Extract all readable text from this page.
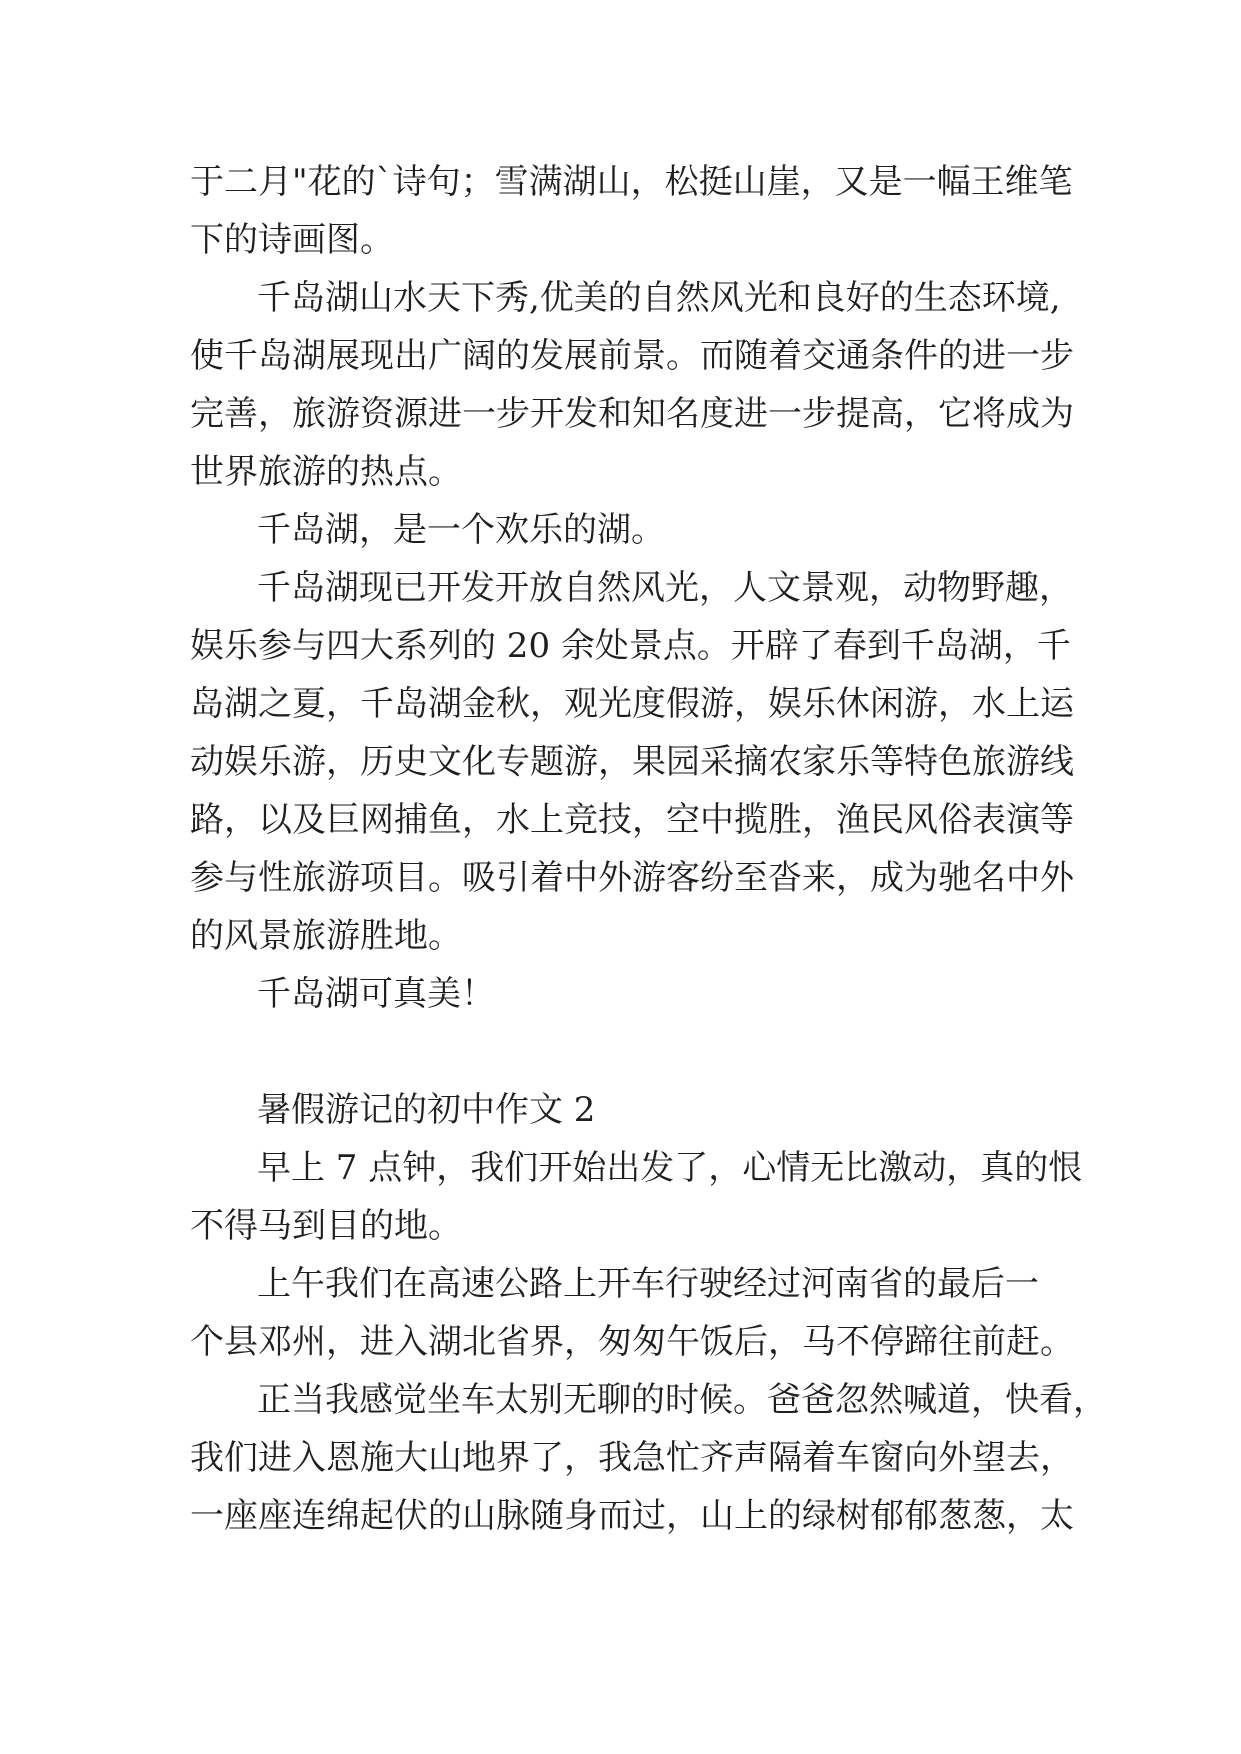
于二月"花的`诗句；雪满湖山，松挺山崖，又是一幅王维笔

下的诗画图。

千岛湖山水天下秀,优美的自然风光和良好的生态环境,

使千岛湖展现出广阔的发展前景。而随着交通条件的进一步

完善，旅游资源进一步开发和知名度进一步提高，它将成为

世界旅游的热点。

千岛湖，是一个欢乐的湖。

千岛湖现已开发开放自然风光，人文景观，动物野趣，

娱乐参与四大系列的 20 余处景点。开辟了春到千岛湖，千

岛湖之夏，千岛湖金秋，观光度假游，娱乐休闲游，水上运

动娱乐游，历史文化专题游，果园采摘农家乐等特色旅游线

路，以及巨网捕鱼，水上竞技，空中揽胜，渔民风俗表演等

参与性旅游项目。吸引着中外游客纷至沓来，成为驰名中外

的风景旅游胜地。

千岛湖可真美！

暑假游记的初中作文 2

早上 7 点钟，我们开始出发了，心情无比激动，真的恨

不得马到目的地。

上午我们在高速公路上开车行驶经过河南省的最后一

个县邓州，进入湖北省界，匆匆午饭后，马不停蹄往前赶。

正当我感觉坐车太别无聊的时候。爸爸忽然喊道，快看，

我们进入恩施大山地界了，我急忙齐声隔着车窗向外望去，

一座座连绵起伏的山脉随身而过，山上的绿树郁郁葱葱，太
